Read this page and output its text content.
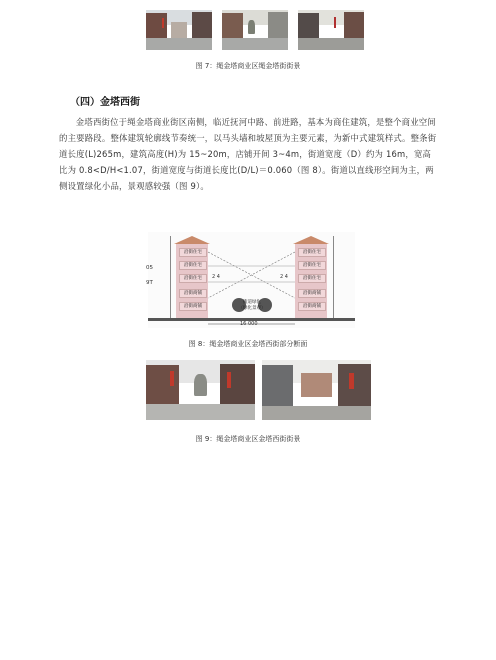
图 7：绳金塔商业区绳金塔街街景
（四）金塔西街
金塔西街位于绳金塔商业街区南侧，临近抚河中路、前进路，基本为商住建筑，是整个商业空间的主要路段。整体建筑轮廓线节奏统一，以马头墙和坡屋顶为主要元素，为新中式建筑样式。整条街道长度(L)265m，建筑高度(H)为 15~20m，店铺开间 3~4m，街道宽度（D）约为 16m，宽高比为 0.8<D/H<1.07，街道宽度与街道长度比(D/L)＝0.060（图 8）。街道以直线形空间为主，两侧设置绿化小品，景观感较强（图 9）。
沿街住宅
沿街住宅
沿街住宅
沿街商铺
沿街商铺
沿街住宅
沿街住宅
沿街住宅
沿街商铺
沿街商铺
2 4	2 4
街道绿化
（绿化景观）
16 000
05
9T
图 8：绳金塔商业区金塔西街部分断面
图 9：绳金塔商业区金塔西街街景
